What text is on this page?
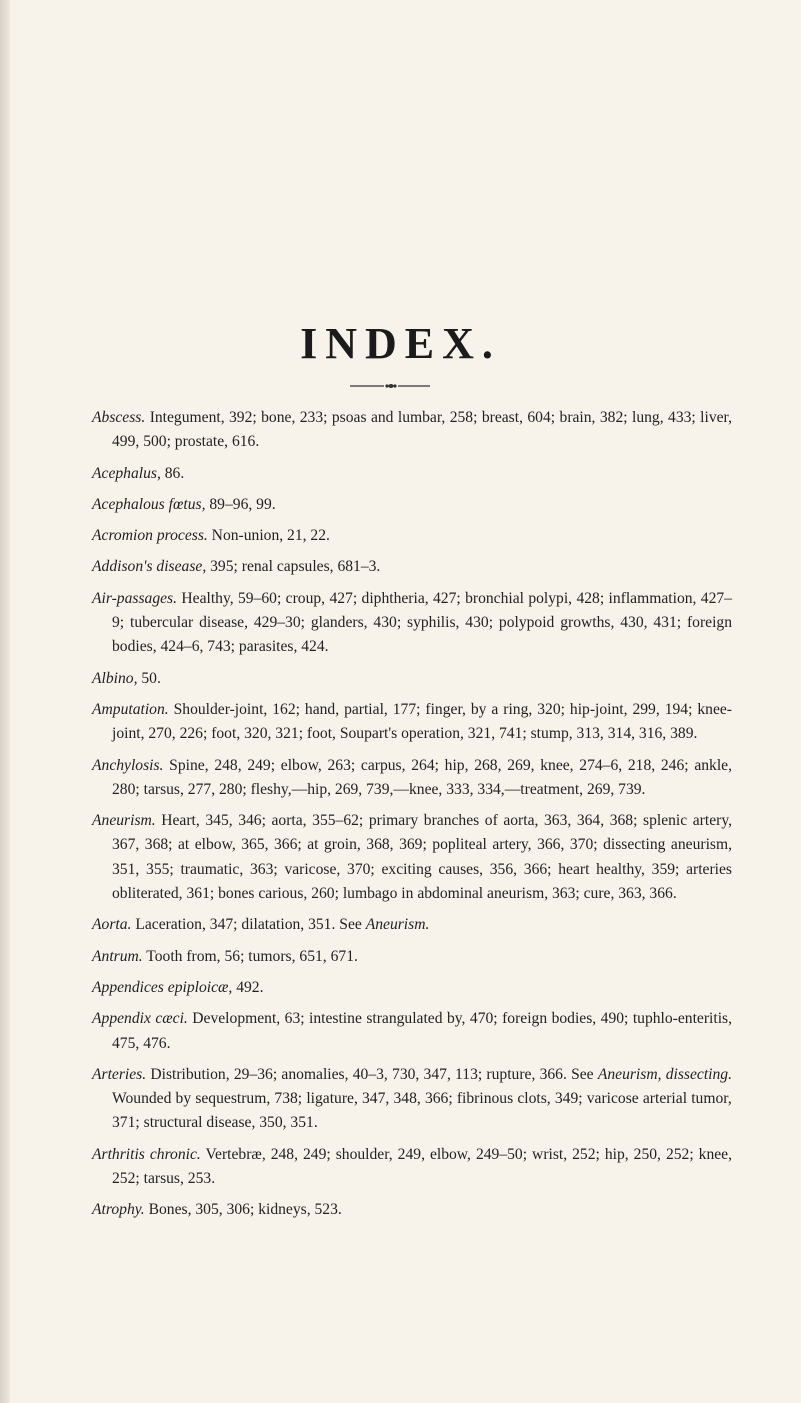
INDEX.

Abscess. Integument, 392; bone, 233; psoas and lumbar, 258; breast, 604; brain, 382; lung, 433; liver, 499, 500; prostate, 616.

Acephalus, 86.

Acephalous fœtus, 89–96, 99.

Acromion process. Non-union, 21, 22.

Addison's disease, 395; renal capsules, 681–3.

Air-passages. Healthy, 59–60; croup, 427; diphtheria, 427; bronchial polypi, 428; inflammation, 427–9; tubercular disease, 429–30; glanders, 430; syphilis, 430; polypoid growths, 430, 431; foreign bodies, 424–6, 743; parasites, 424.

Albino, 50.

Amputation. Shoulder-joint, 162; hand, partial, 177; finger, by a ring, 320; hip-joint, 299, 194; knee-joint, 270, 226; foot, 320, 321; foot, Soupart's operation, 321, 741; stump, 313, 314, 316, 389.

Anchylosis. Spine, 248, 249; elbow, 263; carpus, 264; hip, 268, 269, knee, 274–6, 218, 246; ankle, 280; tarsus, 277, 280; fleshy,—hip, 269, 739,—knee, 333, 334,—treatment, 269, 739.

Aneurism. Heart, 345, 346; aorta, 355–62; primary branches of aorta, 363, 364, 368; splenic artery, 367, 368; at elbow, 365, 366; at groin, 368, 369; popliteal artery, 366, 370; dissecting aneurism, 351, 355; traumatic, 363; varicose, 370; exciting causes, 356, 366; heart healthy, 359; arteries obliterated, 361; bones carious, 260; lumbago in abdominal aneurism, 363; cure, 363, 366.

Aorta. Laceration, 347; dilatation, 351. See Aneurism.

Antrum. Tooth from, 56; tumors, 651, 671.

Appendices epiploicæ, 492.

Appendix cæci. Development, 63; intestine strangulated by, 470; foreign bodies, 490; tuphlo-enteritis, 475, 476.

Arteries. Distribution, 29–36; anomalies, 40–3, 730, 347, 113; rupture, 366. See Aneurism, dissecting. Wounded by sequestrum, 738; ligature, 347, 348, 366; fibrinous clots, 349; varicose arterial tumor, 371; structural disease, 350, 351.

Arthritis chronic. Vertebræ, 248, 249; shoulder, 249, elbow, 249–50; wrist, 252; hip, 250, 252; knee, 252; tarsus, 253.

Atrophy. Bones, 305, 306; kidneys, 523.
